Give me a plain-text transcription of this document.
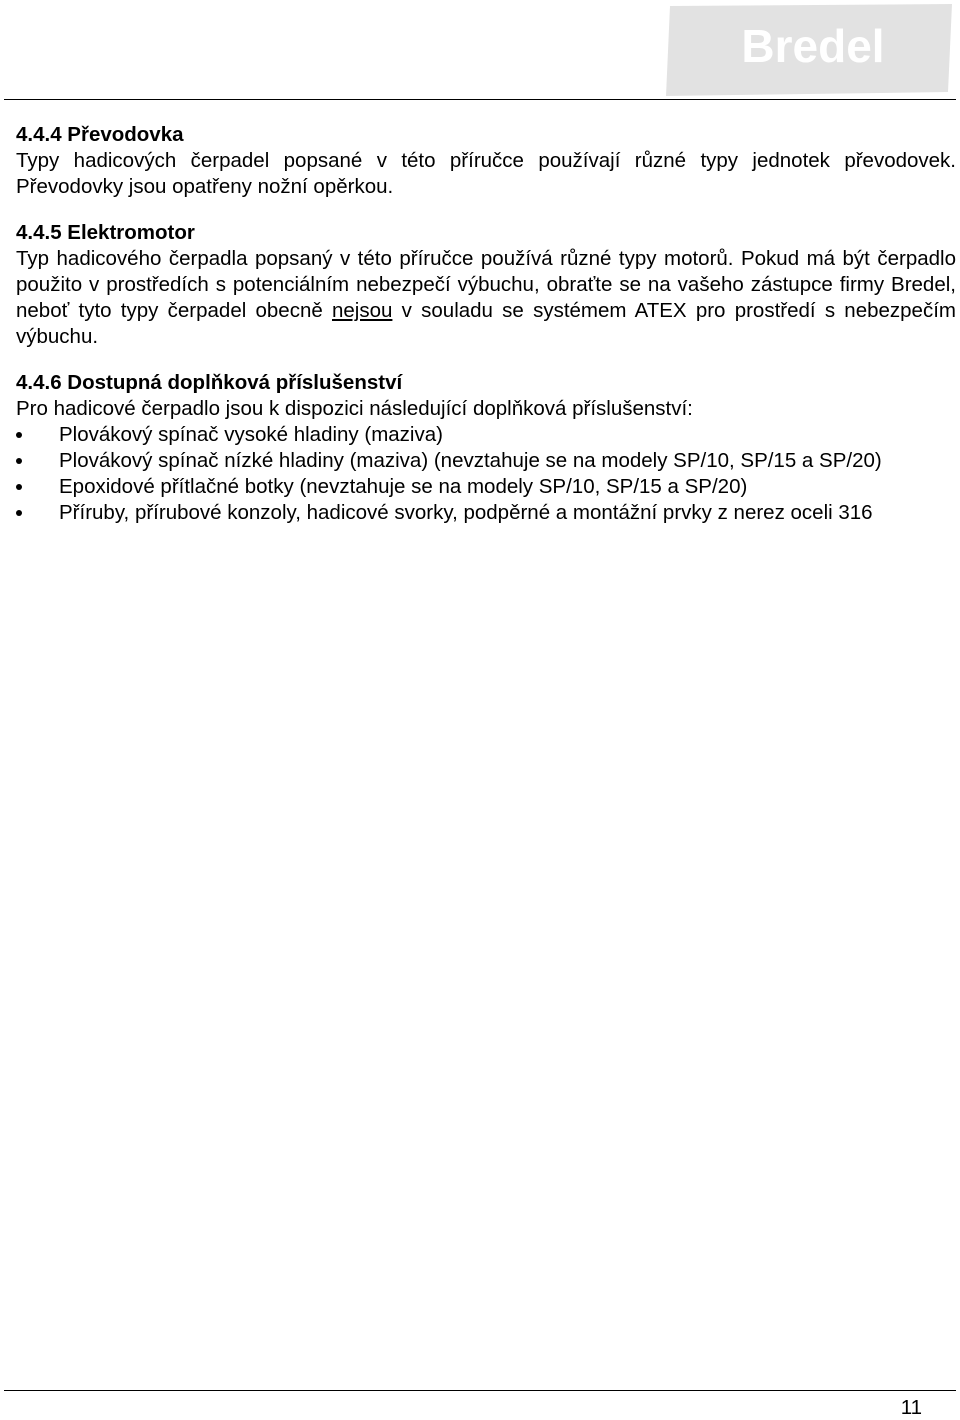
Bredel
4.4.4 Převodovka

Typy hadicových čerpadel popsané v této příručce používají různé typy jednotek převodovek. Převodovky jsou opatřeny nožní opěrkou.

4.4.5 Elektromotor

Typ hadicového čerpadla popsaný v této příručce používá různé typy motorů. Pokud má být čerpadlo použito v prostředích s potenciálním nebezpečí výbuchu, obraťte se na vašeho zástupce firmy Bredel, neboť tyto typy čerpadel obecně nejsou v souladu se systémem ATEX pro prostředí s nebezpečím výbuchu.

4.4.6 Dostupná doplňková příslušenství

Pro hadicové čerpadlo jsou k dispozici následující doplňková příslušenství:

Plovákový spínač vysoké hladiny (maziva)
Plovákový spínač nízké hladiny (maziva) (nevztahuje se na modely SP/10, SP/15 a SP/20)
Epoxidové přítlačné botky (nevztahuje se na modely SP/10, SP/15 a SP/20)
Příruby, přírubové konzoly, hadicové svorky, podpěrné a montážní prvky z nerez oceli 316
11
